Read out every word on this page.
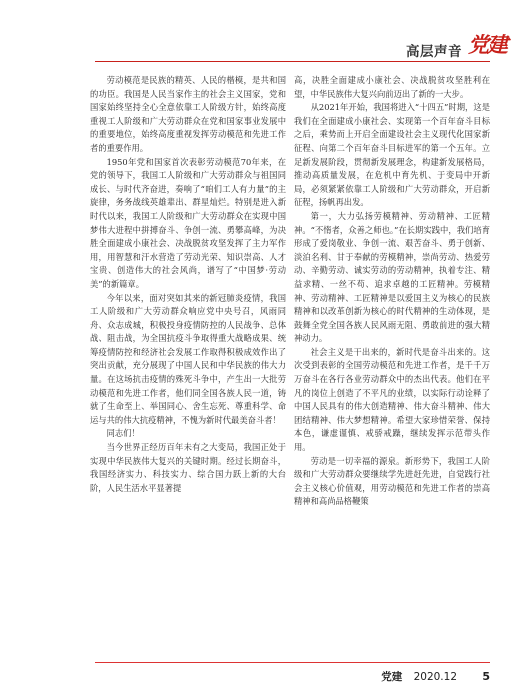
高层声音 党建

劳动模范是民族的精英、人民的楷模，是共和国的功臣。我国是人民当家作主的社会主义国家，党和国家始终坚持全心全意依靠工人阶级方针，始终高度重视工人阶级和广大劳动群众在党和国家事业发展中的重要地位，始终高度重视发挥劳动模范和先进工作者的重要作用。

1950年党和国家首次表彰劳动模范70年来，在党的领导下，我国工人阶级和广大劳动群众与祖国同成长、与时代齐奋进，奏响了“咱们工人有力量”的主旋律，务务战线英雄辈出、群星灿烂。特别是进入新时代以来，我国工人阶级和广大劳动群众在实现中国梦伟大进程中拼搏奋斗、争创一流、勇攀高峰，为决胜全面建成小康社会、决战脱贫攻坚发挥了主力军作用，用智慧和汗水营造了劳动光荣、知识崇高、人才宝贵、创造伟大的社会风尚，谱写了“中国梦·劳动美”的新篇章。

今年以来，面对突如其来的新冠肺炎疫情，我国工人阶级和广大劳动群众响应党中央号召，风雨同舟、众志成城，积极投身疫情防控的人民战争、总体战、阻击战，为全国抗疫斗争取得重大战略成果、统筹疫情防控和经济社会发展工作取得积极成效作出了突出贡献，充分展现了中国人民和中华民族的伟大力量。在这场抗击疫情的殊死斗争中，产生出一大批劳动模范和先进工作者，他们同全国各族人民一道，铸就了生命至上、举国同心、舍生忘死、尊重科学、命运与共的伟大抗疫精神，不愧为新时代最美奋斗者！

同志们！

当今世界正经历百年未有之大变局，我国正处于实现中华民族伟大复兴的关键时期。经过长期奋斗，我国经济实力、科技实力、综合国力跃上新的大台阶，人民生活水平显著提

高，决胜全面建成小康社会、决战脱贫攻坚胜利在望，中华民族伟大复兴向前迈出了新的一大步。

从2021年开始，我国将进入“十四五”时期，这是我们在全面建成小康社会、实现第一个百年奋斗目标之后，乘势而上开启全面建设社会主义现代化国家新征程、向第二个百年奋斗目标进军的第一个五年。立足新发展阶段，贯彻新发展理念，构建新发展格局，推动高质量发展，在危机中育先机、于变局中开新局，必须紧紧依靠工人阶级和广大劳动群众，开启新征程，扬帆再出发。

第一，大力弘扬劳模精神、劳动精神、工匠精神。“不惰者，众善之师也。”在长期实践中，我们培育形成了爱岗敬业、争创一流、艰苦奋斗、勇于创新、淡泊名利、甘于奉献的劳模精神，崇尚劳动、热爱劳动、辛勤劳动、诚实劳动的劳动精神，执着专注、精益求精、一丝不苟、追求卓越的工匠精神。劳模精神、劳动精神、工匠精神是以爱国主义为核心的民族精神和以改革创新为核心的时代精神的生动体现，是鼓舞全党全国各族人民风雨无阻、勇敢前进的强大精神动力。

社会主义是干出来的，新时代是奋斗出来的。这次受到表彰的全国劳动模范和先进工作者，是千千万万奋斗在各行各业劳动群众中的杰出代表。他们在平凡的岗位上创造了不平凡的业绩，以实际行动诠释了中国人民具有的伟大创造精神、伟大奋斗精神、伟大团结精神、伟大梦想精神。希望大家珍惜荣誉、保持本色，谦虚谨慎、戒骄戒躁，继续发挥示范带头作用。

劳动是一切幸福的源泉。新形势下，我国工人阶级和广大劳动群众要继续学先进赶先进，自觉践行社会主义核心价值观，用劳动模范和先进工作者的崇高精神和高尚品格鞭策

党建 2020.12 5
